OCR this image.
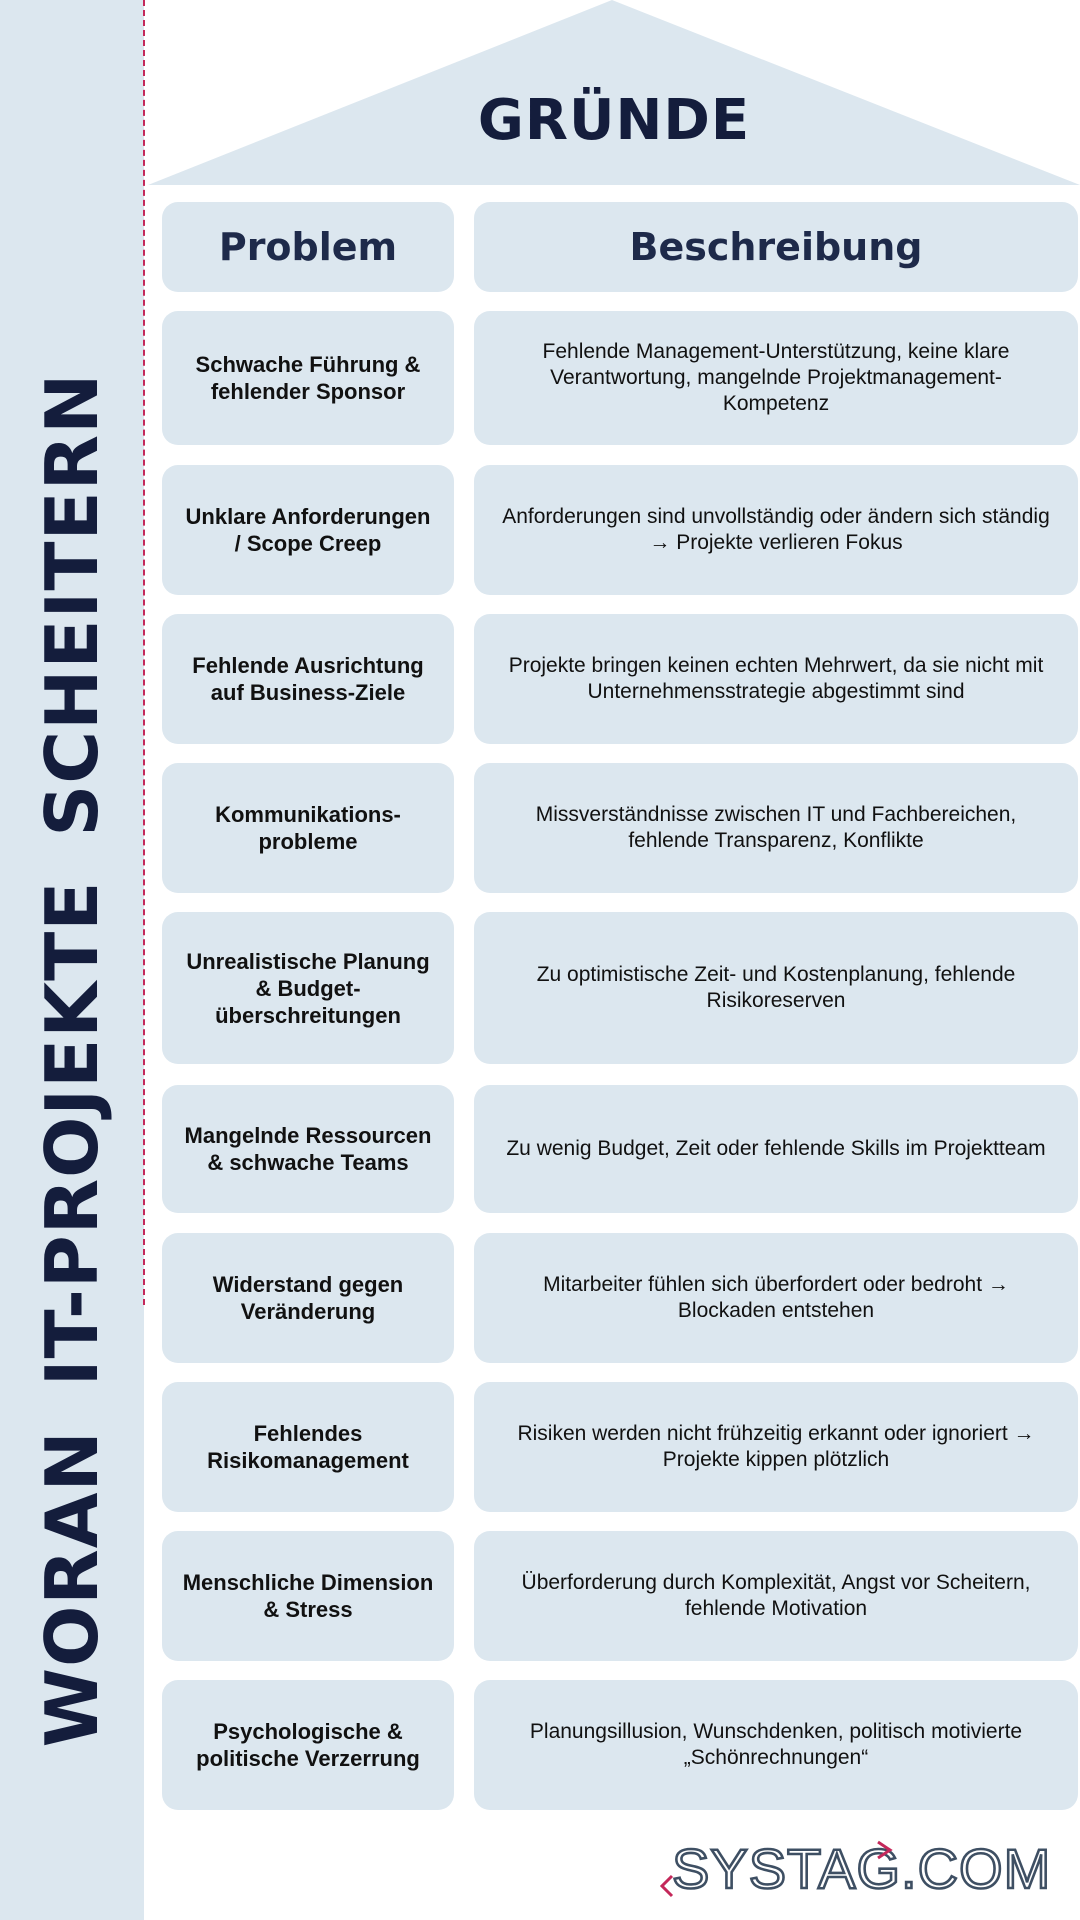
WORANIT-PROJEKTESCHEITERN
GRÜNDE
Problem	Beschreibung
Schwache Führung & fehlender Sponsor
Fehlende Management-Unterstützung, keine klare Verantwortung, mangelnde Projektmanagement-Kompetenz
Unklare Anforderungen / Scope Creep
Anforderungen sind unvollständig oder ändern sich ständig → Projekte verlieren Fokus
Fehlende Ausrichtung auf Business-Ziele
Projekte bringen keinen echten Mehrwert, da sie nicht mit Unternehmensstrategie abgestimmt sind
Kommunikations-probleme
Missverständnisse zwischen IT und Fachbereichen, fehlende Transparenz, Konflikte
Unrealistische Planung & Budget-überschreitungen
Zu optimistische Zeit- und Kostenplanung, fehlende Risikoreserven
Mangelnde Ressourcen & schwache Teams
Zu wenig Budget, Zeit oder fehlende Skills im Projektteam
Widerstand gegen Veränderung
Mitarbeiter fühlen sich überfordert oder bedroht → Blockaden entstehen
Fehlendes Risikomanagement
Risiken werden nicht frühzeitig erkannt oder ignoriert → Projekte kippen plötzlich
Menschliche Dimension & Stress
Überforderung durch Komplexität, Angst vor Scheitern, fehlende Motivation
Psychologische & politische Verzerrung
Planungsillusion, Wunschdenken, politisch motivierte „Schönrechnungen“
SYSTAG.COM
